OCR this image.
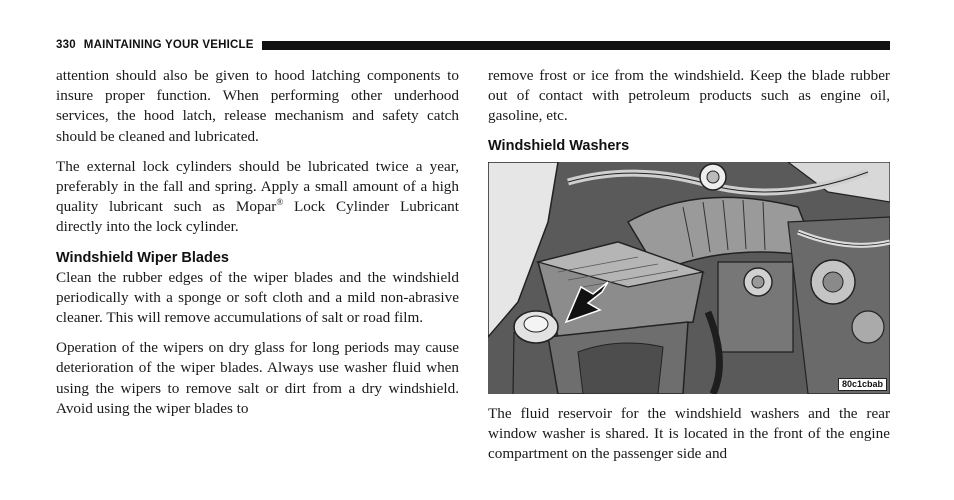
330 MAINTAINING YOUR VEHICLE

attention should also be given to hood latching components to insure proper function. When performing other underhood services, the hood latch, release mechanism and safety catch should be cleaned and lubricated.

The external lock cylinders should be lubricated twice a year, preferably in the fall and spring. Apply a small amount of a high quality lubricant such as Mopar® Lock Cylinder Lubricant directly into the lock cylinder.

Windshield Wiper Blades

Clean the rubber edges of the wiper blades and the windshield periodically with a sponge or soft cloth and a mild non-abrasive cleaner. This will remove accumulations of salt or road film.

Operation of the wipers on dry glass for long periods may cause deterioration of the wiper blades. Always use washer fluid when using the wipers to remove salt or dirt from a dry windshield. Avoid using the wiper blades to

remove frost or ice from the windshield. Keep the blade rubber out of contact with petroleum products such as engine oil, gasoline, etc.

Windshield Washers
80c1cbab

The fluid reservoir for the windshield washers and the rear window washer is shared. It is located in the front of the engine compartment on the passenger side and
